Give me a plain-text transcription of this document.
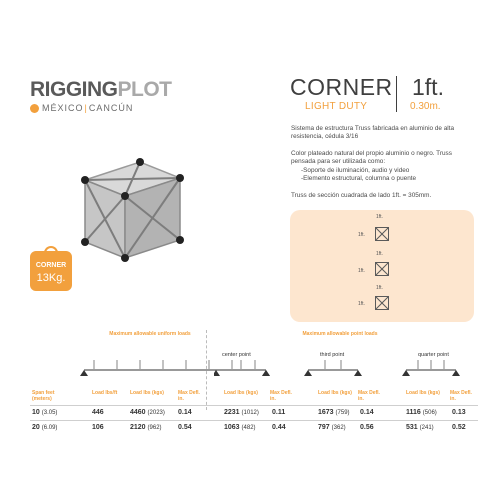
RIGGINGPLOT
MÉXICO | CANCÚN
CORNER
LIGHT DUTY
1ft.
0.30m.
Sistema de estructura Truss fabricada en aluminio de alta resistencia, cédula 3/16
Color plateado natural del propio aluminio o negro. Truss pensada para ser utilizada como:
-Soporte de iluminación, audio y video
-Elemento estructural, columna o puente
Truss de sección cuadrada de lado 1ft. = 305mm.
CORNER
13Kg.
1ft.
1ft.
1ft.
1ft.
1ft.
1ft.
Maximum allowable uniform loads	Maximum allowable point loads
center point	third point	quarter point
Span feet (meters)
Load lbs/ft	Load lbs (kgs)	Max Defl. in.
Load lbs (kgs)	Max Defl. in.
Load lbs (kgs)	Max Defl. in.
Load lbs (kgs)	Max Defl. in.
10 (3.05)	446	4460 (2023) 0.14	2231 (1012) 0.11	1673 (759) 0.14	1116 (506) 0.13
20 (6.09)	106	2120 (962) 0.54	1063 (482) 0.44	797 (362) 0.56	531 (241)	0.52
